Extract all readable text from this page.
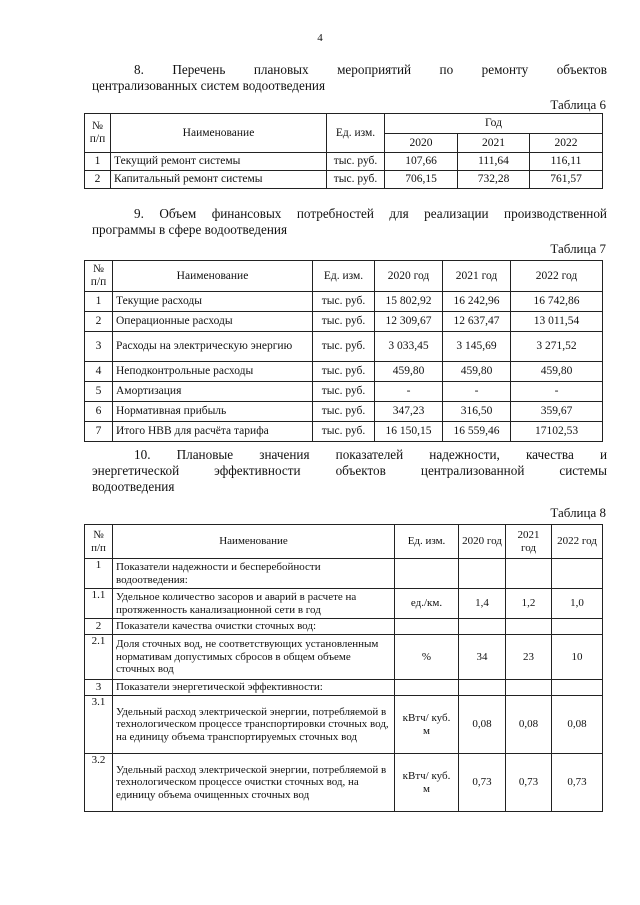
4
8. Перечень плановых мероприятий по ремонту объектов
централизованных систем водоотведения
Таблица 6
№ п/п	Наименование	Ед. изм.	Год		
			2020	2021	2022
1	Текущий ремонт системы	тыс. руб.	107,66	111,64	116,11
2	Капитальный ремонт системы	тыс. руб.	706,15	732,28	761,57
9. Объем финансовых потребностей для реализации производственной
программы в сфере водоотведения
Таблица 7
№ п/п	Наименование	Ед. изм.	2020 год	2021 год	2022 год
1	Текущие расходы	тыс. руб.	15 802,92	16 242,96	16 742,86
2	Операционные расходы	тыс. руб.	12 309,67	12 637,47	13 011,54
3	Расходы на электрическую энергию	тыс. руб.	3 033,45	3 145,69	3 271,52
4	Неподконтрольные расходы	тыс. руб.	459,80	459,80	459,80
5	Амортизация	тыс. руб.	-	-	-
6	Нормативная прибыль	тыс. руб.	347,23	316,50	359,67
7	Итого НВВ для расчёта тарифа	тыс. руб.	16 150,15	16 559,46	17102,53
10. Плановые значения показателей надежности, качества и
энергетической эффективности объектов централизованной системы
водоотведения
Таблица 8
№ п/п	Наименование	Ед. изм.	2020 год	2021 год	2022 год
1	Показатели надежности и бесперебойности водоотведения:				
1.1	Удельное количество засоров и аварий в расчете на протяженность канализационной сети в год	ед./км.	1,4	1,2	1,0
2	Показатели качества очистки сточных вод:				
2.1	Доля сточных вод, не соответствующих установленным нормативам допустимых сбросов в общем объеме сточных вод	%	34	23	10
3	Показатели энергетической эффективности:				
3.1	Удельный расход электрической энергии, потребляемой в технологическом процессе транспортировки сточных вод, на единицу объема транспортируемых сточных вод	кВтч/ куб. м	0,08	0,08	0,08
3.2	Удельный расход электрической энергии, потребляемой в технологическом процессе очистки сточных вод, на единицу объема очищенных сточных вод	кВтч/ куб. м	0,73	0,73	0,73
